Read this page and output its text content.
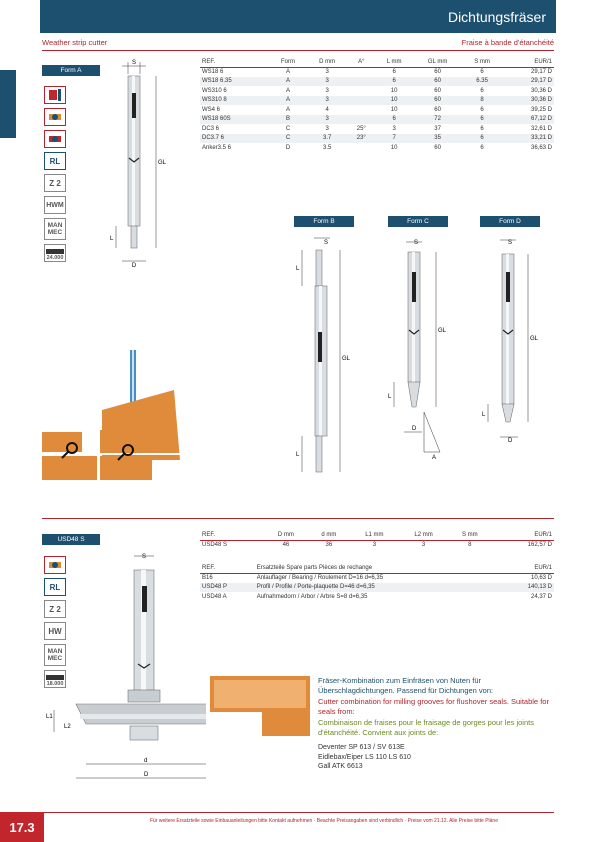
Dichtungsfräser
Weather strip cutter	Fraise à bande d'étanchéité
Form A
RL
Z 2
HWM
MAN
MEC
24.000
S
GL
L
D
REF.	Form	D mm	A°	L mm	GL mm	S mm	EUR/1
WS18 6	A	3		6	60	6	29,17 D
WS18 6.35	A	3		6	60	6.35	29,17 D
WS310 6	A	3		10	60	6	30,36 D
WS310 8	A	3		10	60	8	30,36 D
WS4 6	A	4		10	60	6	39,25 D
WS18 60S	B	3		6	72	6	67,12 D
DC3 6	C	3	25°	3	37	6	32,61 D
DC3.7 6	C	3.7	23°	7	35	6	33,21 D
Anker3.5 6	D	3.5		10	60	6	36,63 D
Form B	Form C	Form D
S
GL
L
L
S
GL
L
D
A
S
GL
L
D
USD48 S
RL
Z 2
HW
MAN
MEC
18.000
S
L1
L2
d
D
REF.	D mm	d mm	L1 mm	L2 mm	S mm	EUR/1
USD48 S	46	36	3	3	8	162,57 D
REF.	Ersatzteile Spare parts Pièces de rechange	EUR/1
B16	Anlauflager / Bearing / Roulement D=16 d=6,35	10,63 D
USD48 P	Profil / Profile / Porte-plaquette D=46 d=6,35	140,13 D
USD48 A	Aufnahmedorn / Arbor / Arbre S=8 d=6,35	24,37 D
Fräser-Kombination zum Einfräsen von Nuten für Überschlagdichtungen. Passend für Dichtungen von:
Cutter combination for milling grooves for flushover seals. Suitable for seals from:
Combinaison de fraises pour le fraisage de gorges pour les joints d'étanchéité. Convient aux joints de:
Deventer SP 613 / SV 613E
Eidlebax/Eiper LS 110 LS 610
Gall ATK 6613
17.3	Für weitere Ersatzteile sowie Einbauanleitungen bitte Kontakt aufnehmen · Beachte Preisangaben sind verbindlich · Preise vom 21.12. Alle Preise bitte Pläne
